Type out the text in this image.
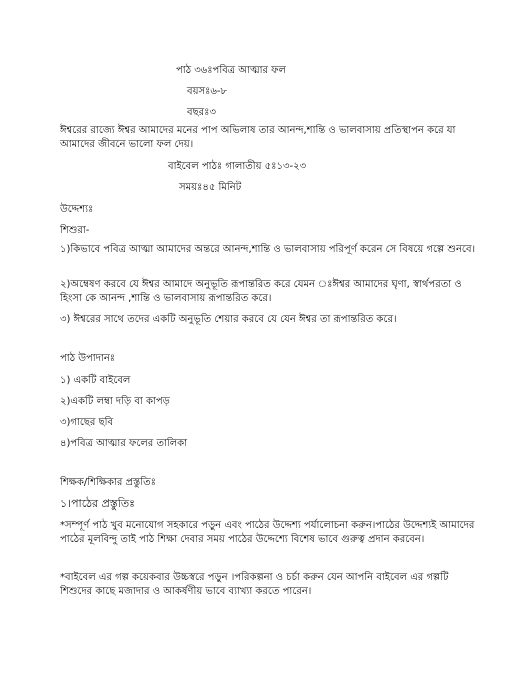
পাঠ ৩৬ঃপবিত্র আত্মার ফল
বয়সঃ৬-৮
বছরঃ৩
ঈশ্বরের রাজ্যে ঈশ্বর আমাদের মনের পাপ অভিলাষ তার আনন্দ,শান্তি ও ভালবাসায় প্রতিস্থাপন করে যা আমাদের জীবনে ভালো ফল দেয়।
বাইবেল পাঠঃ গালাতীয় ৫ঃ১৩-২৩
সময়ঃ৪৫ মিনিট
উদ্দেশ্যঃ
শিশুরা-
১)কিভাবে পবিত্র আত্মা আমাদের অন্তরে আনন্দ,শান্তি ও ভালবাসায় পরিপূর্ণ করেন সে বিষয়ে গল্পে শুনবে।
২)অম্বেষণ করবে যে ঈশ্বর আমাদে অনুভূতি রূপান্তরিত করে যেমন ঃঈশ্বর আমাদের ঘৃণা, স্বার্থপরতা ও হিংসা কে আনন্দ ,শান্তি ও ভালবাসায় রূপান্তরিত করে।
৩) ঈশ্বরের সাথে তদের একটি অনুভূতি শেয়ার করবে যে যেন ঈশ্বর তা রূপান্তরিত করে।
পাঠ উপাদানঃ
১) একটি বাইবেল
২)একটি লম্বা দড়ি বা কাপড়
৩)গাছের ছবি
৪)পবিত্র আত্মার ফলের তালিকা
শিক্ষক/শিক্ষিকার প্রস্তুতিঃ
১।পাঠের প্রস্তুতিঃ
*সম্পূর্ণ পাঠ খুব মনোযোগ সহকারে পড়ুন এবং পাঠের উদ্দেশ্য পর্যালোচনা করুন।পাঠের উদ্দেশ্যই আমাদের পাঠের মূলবিন্দু তাই পাঠ শিক্ষা দেবার সময় পাঠের উদ্দেশ্যে বিশেষ ভাবে গুরুত্ব প্রদান করবেন।
*বাইবেল এর গল্প কয়েকবার উচ্চস্বরে পড়ুন ।পরিকল্পনা ও চর্চা করুন যেন আপনি বাইবেল এর গল্পটি শিশুদের কাছে মজাদার ও আকর্ষণীয় ভাবে ব্যাখ্যা করতে পারেন।
